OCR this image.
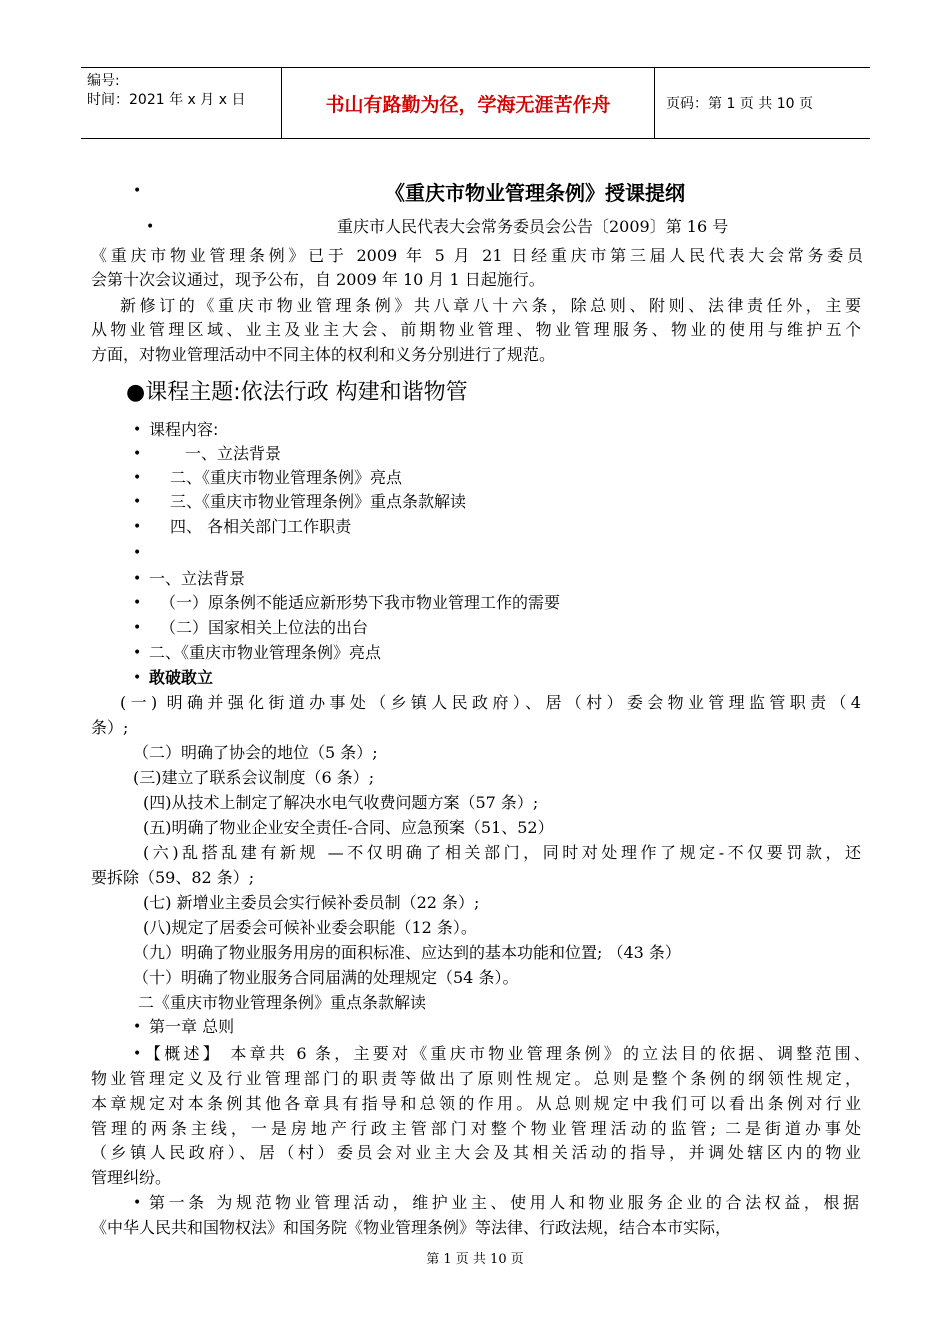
编号:
时间：2021 年 x 月 x 日	书山有路勤为径，学海无涯苦作舟	页码：第 1 页 共 10 页
•	《重庆市物业管理条例》授课提纲
•	重庆市人民代表大会常务委员会公告〔2009〕第 16 号
《重庆市物业管理条例》已于 2009 年 5 月 21 日经重庆市第三届人民代表大会常务委员
会第十次会议通过，现予公布，自 2009 年 10 月 1 日起施行。
新修订的《重庆市物业管理条例》共八章八十六条，除总则、附则、法律责任外，主要
从物业管理区域、业主及业主大会、前期物业管理、物业管理服务、物业的使用与维护五个
方面，对物业管理活动中不同主体的权利和义务分别进行了规范。
●课程主题:依法行政 构建和谐物管
• 课程内容:
•	一、立法背景
• 二、《重庆市物业管理条例》亮点
• 三、《重庆市物业管理条例》重点条款解读
• 四、 各相关部门工作职责
•
• 一、立法背景
• （一）原条例不能适应新形势下我市物业管理工作的需要
• （二）国家相关上位法的出台
• 二、《重庆市物业管理条例》亮点
• 敢破敢立
(一) 明确并强化街道办事处（乡镇人民政府）、居（村）委会物业管理监管职责（4
条）;
（二）明确了协会的地位（5 条）;
(三)建立了联系会议制度（6 条）;
(四)从技术上制定了解决水电气收费问题方案（57 条）;
(五)明确了物业企业安全责任-合同、应急预案（51、52）
(六)乱搭乱建有新规 —不仅明确了相关部门，同时对处理作了规定-不仅要罚款，还
要拆除（59、82 条）;
(七) 新增业主委员会实行候补委员制（22 条）;
(八)规定了居委会可候补业委会职能（12 条）。
（九）明确了物业服务用房的面积标准、应达到的基本功能和位置; （43 条）
（十）明确了物业服务合同届满的处理规定（54 条）。
二《重庆市物业管理条例》重点条款解读
• 第一章 总则
• 【概述】 本章共 6 条，主要对《重庆市物业管理条例》的立法目的依据、调整范围、
物业管理定义及行业管理部门的职责等做出了原则性规定。总则是整个条例的纲领性规定，
本章规定对本条例其他各章具有指导和总领的作用。从总则规定中我们可以看出条例对行业
管理的两条主线，一是房地产行政主管部门对整个物业管理活动的监管; 二是街道办事处
（乡镇人民政府）、居（村）委员会对业主大会及其相关活动的指导，并调处辖区内的物业
管理纠纷。
• 第一条 为规范物业管理活动，维护业主、使用人和物业服务企业的合法权益，根据
《中华人民共和国物权法》和国务院《物业管理条例》等法律、行政法规，结合本市实际，
第 1 页 共 10 页
